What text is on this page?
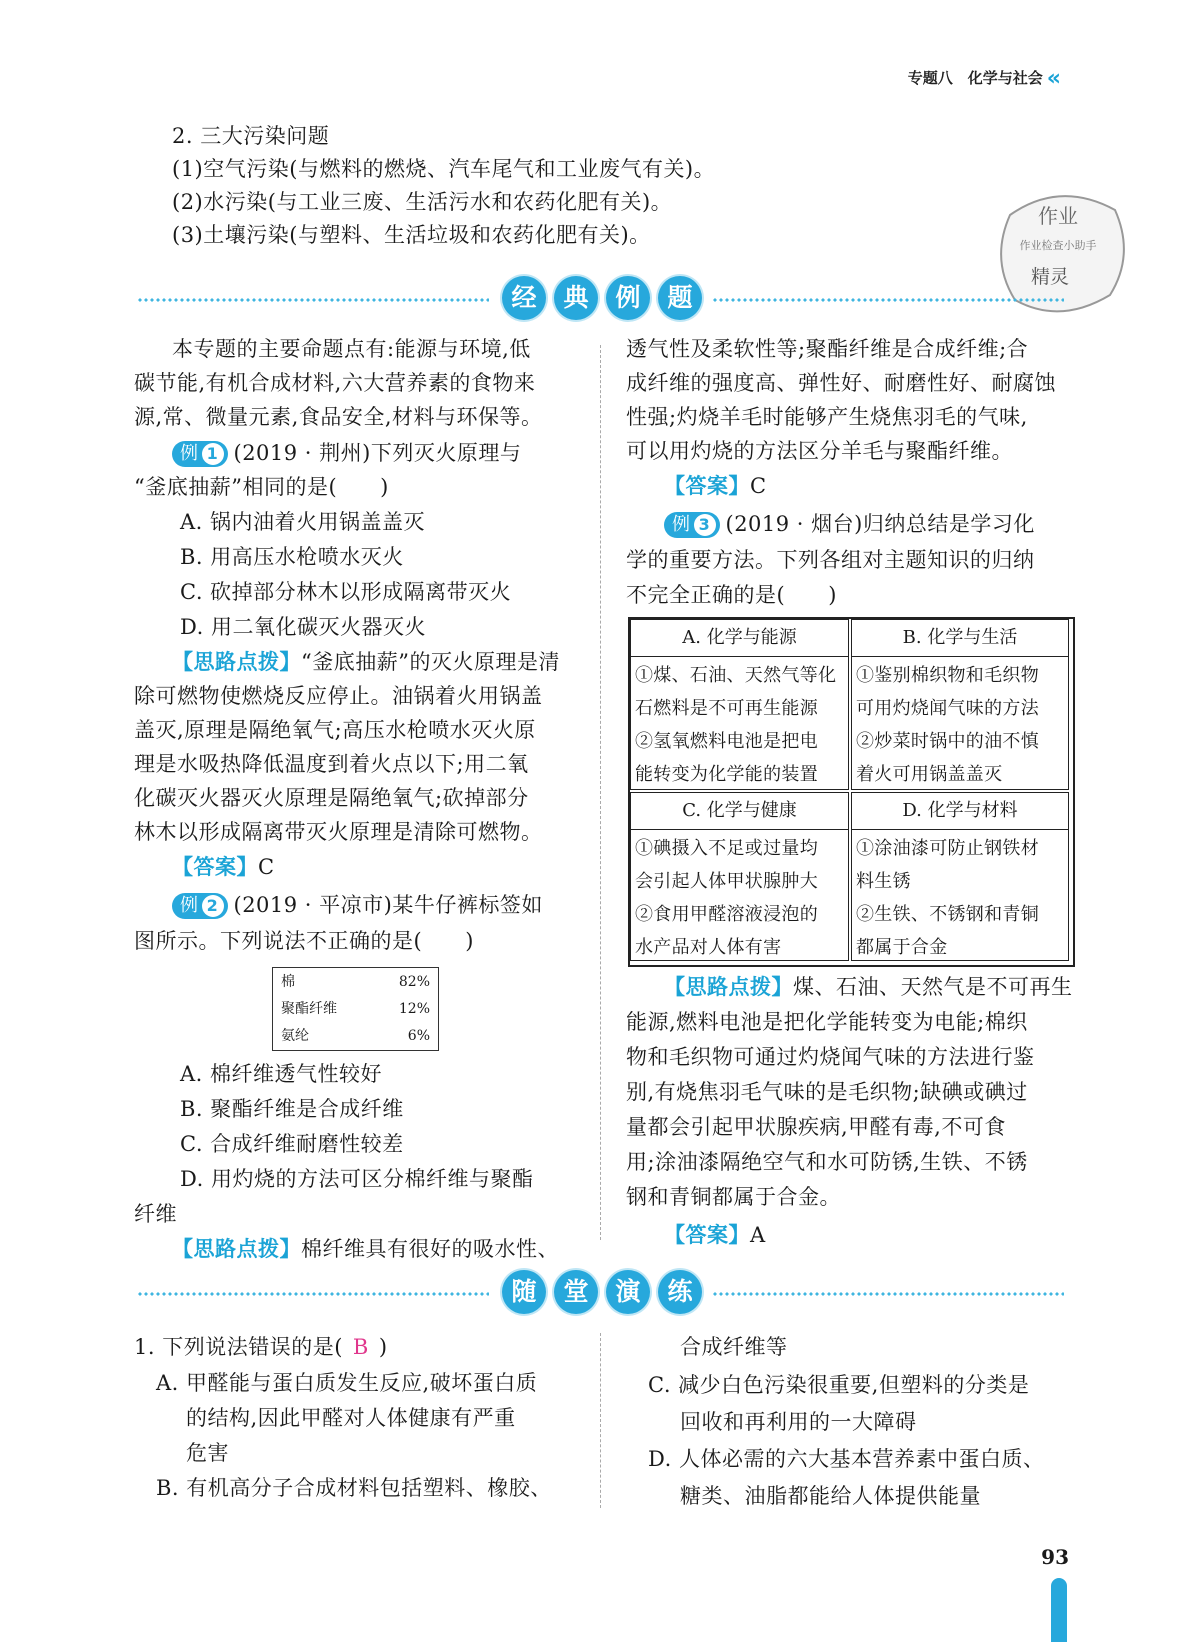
专题八　化学与社会 «
2. 三大污染问题
(1)空气污染(与燃料的燃烧、汽车尾气和工业废气有关)。
(2)水污染(与工业三废、生活污水和农药化肥有关)。
(3)土壤污染(与塑料、生活垃圾和农药化肥有关)。
作业
作业检查小助手
精灵
经	典	例	题
本专题的主要命题点有:能源与环境,低
碳节能,有机合成材料,六大营养素的食物来
源,常、微量元素,食品安全,材料与环保等。
例 1 (2019 · 荆州)下列灭火原理与
“釜底抽薪”相同的是(　　)
A. 锅内油着火用锅盖盖灭
B. 用高压水枪喷水灭火
C. 砍掉部分林木以形成隔离带灭火
D. 用二氧化碳灭火器灭火
【思路点拨】“釜底抽薪”的灭火原理是清
除可燃物使燃烧反应停止。油锅着火用锅盖
盖灭,原理是隔绝氧气;高压水枪喷水灭火原
理是水吸热降低温度到着火点以下;用二氧
化碳灭火器灭火原理是隔绝氧气;砍掉部分
林木以形成隔离带灭火原理是清除可燃物。
【答案】C
例 2 (2019 · 平凉市)某牛仔裤标签如
图所示。下列说法不正确的是(　　)
棉	82%
聚酯纤维	12%
氨纶	6%
A. 棉纤维透气性较好
B. 聚酯纤维是合成纤维
C. 合成纤维耐磨性较差
D. 用灼烧的方法可区分棉纤维与聚酯
纤维
【思路点拨】棉纤维具有很好的吸水性、
透气性及柔软性等;聚酯纤维是合成纤维;合
成纤维的强度高、弹性好、耐磨性好、耐腐蚀
性强;灼烧羊毛时能够产生烧焦羽毛的气味,
可以用灼烧的方法区分羊毛与聚酯纤维。
【答案】C
例 3 (2019 · 烟台)归纳总结是学习化
学的重要方法。下列各组对主题知识的归纳
不完全正确的是(　　)
A. 化学与能源
①煤、石油、天然气等化
石燃料是不可再生能源
②氢氧燃料电池是把电
能转变为化学能的装置
B. 化学与生活
①鉴别棉织物和毛织物
可用灼烧闻气味的方法
②炒菜时锅中的油不慎
着火可用锅盖盖灭
C. 化学与健康
①碘摄入不足或过量均
会引起人体甲状腺肿大
②食用甲醛溶液浸泡的
水产品对人体有害
D. 化学与材料
①涂油漆可防止钢铁材
料生锈
②生铁、不锈钢和青铜
都属于合金
【思路点拨】煤、石油、天然气是不可再生
能源,燃料电池是把化学能转变为电能;棉织
物和毛织物可通过灼烧闻气味的方法进行鉴
别,有烧焦羽毛气味的是毛织物;缺碘或碘过
量都会引起甲状腺疾病,甲醛有毒,不可食
用;涂油漆隔绝空气和水可防锈,生铁、不锈
钢和青铜都属于合金。
【答案】A
随	堂	演	练
1. 下列说法错误的是( B )
A. 甲醛能与蛋白质发生反应,破坏蛋白质
的结构,因此甲醛对人体健康有严重
危害
B. 有机高分子合成材料包括塑料、橡胶、
合成纤维等
C. 减少白色污染很重要,但塑料的分类是
回收和再利用的一大障碍
D. 人体必需的六大基本营养素中蛋白质、
糖类、油脂都能给人体提供能量
93
